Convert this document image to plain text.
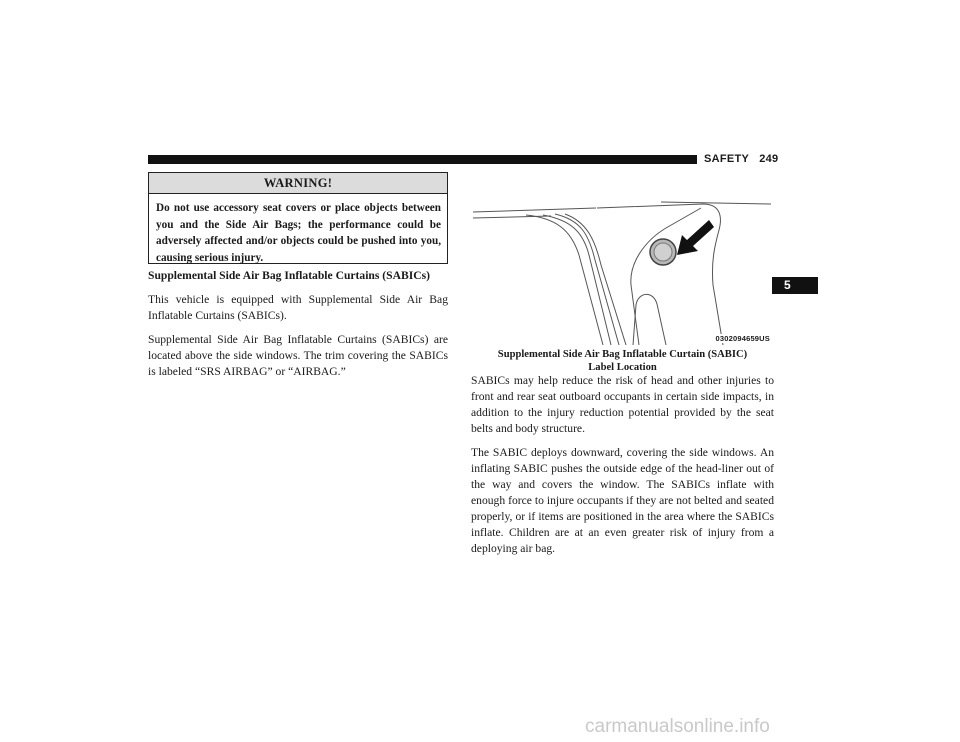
SAFETY 249
5
WARNING!
Do not use accessory seat covers or place objects between you and the Side Air Bags; the performance could be adversely affected and/or objects could be pushed into you, causing serious injury.
Supplemental Side Air Bag Inflatable Curtains (SABICs)

This vehicle is equipped with Supplemental Side Air Bag Inflatable Curtains (SABICs).

Supplemental Side Air Bag Inflatable Curtains (SABICs) are located above the side windows. The trim covering the SABICs is labeled “SRS AIRBAG” or “AIRBAG.”

0302094659US
Supplemental Side Air Bag Inflatable Curtain (SABIC)
Label Location

SABICs may help reduce the risk of head and other injuries to front and rear seat outboard occupants in certain side impacts, in addition to the injury reduction potential provided by the seat belts and body structure.

The SABIC deploys downward, covering the side windows. An inflating SABIC pushes the outside edge of the head-liner out of the way and covers the window. The SABICs inflate with enough force to injure occupants if they are not belted and seated properly, or if items are positioned in the area where the SABICs inflate. Children are at an even greater risk of injury from a deploying air bag.

carmanualsonline.info
